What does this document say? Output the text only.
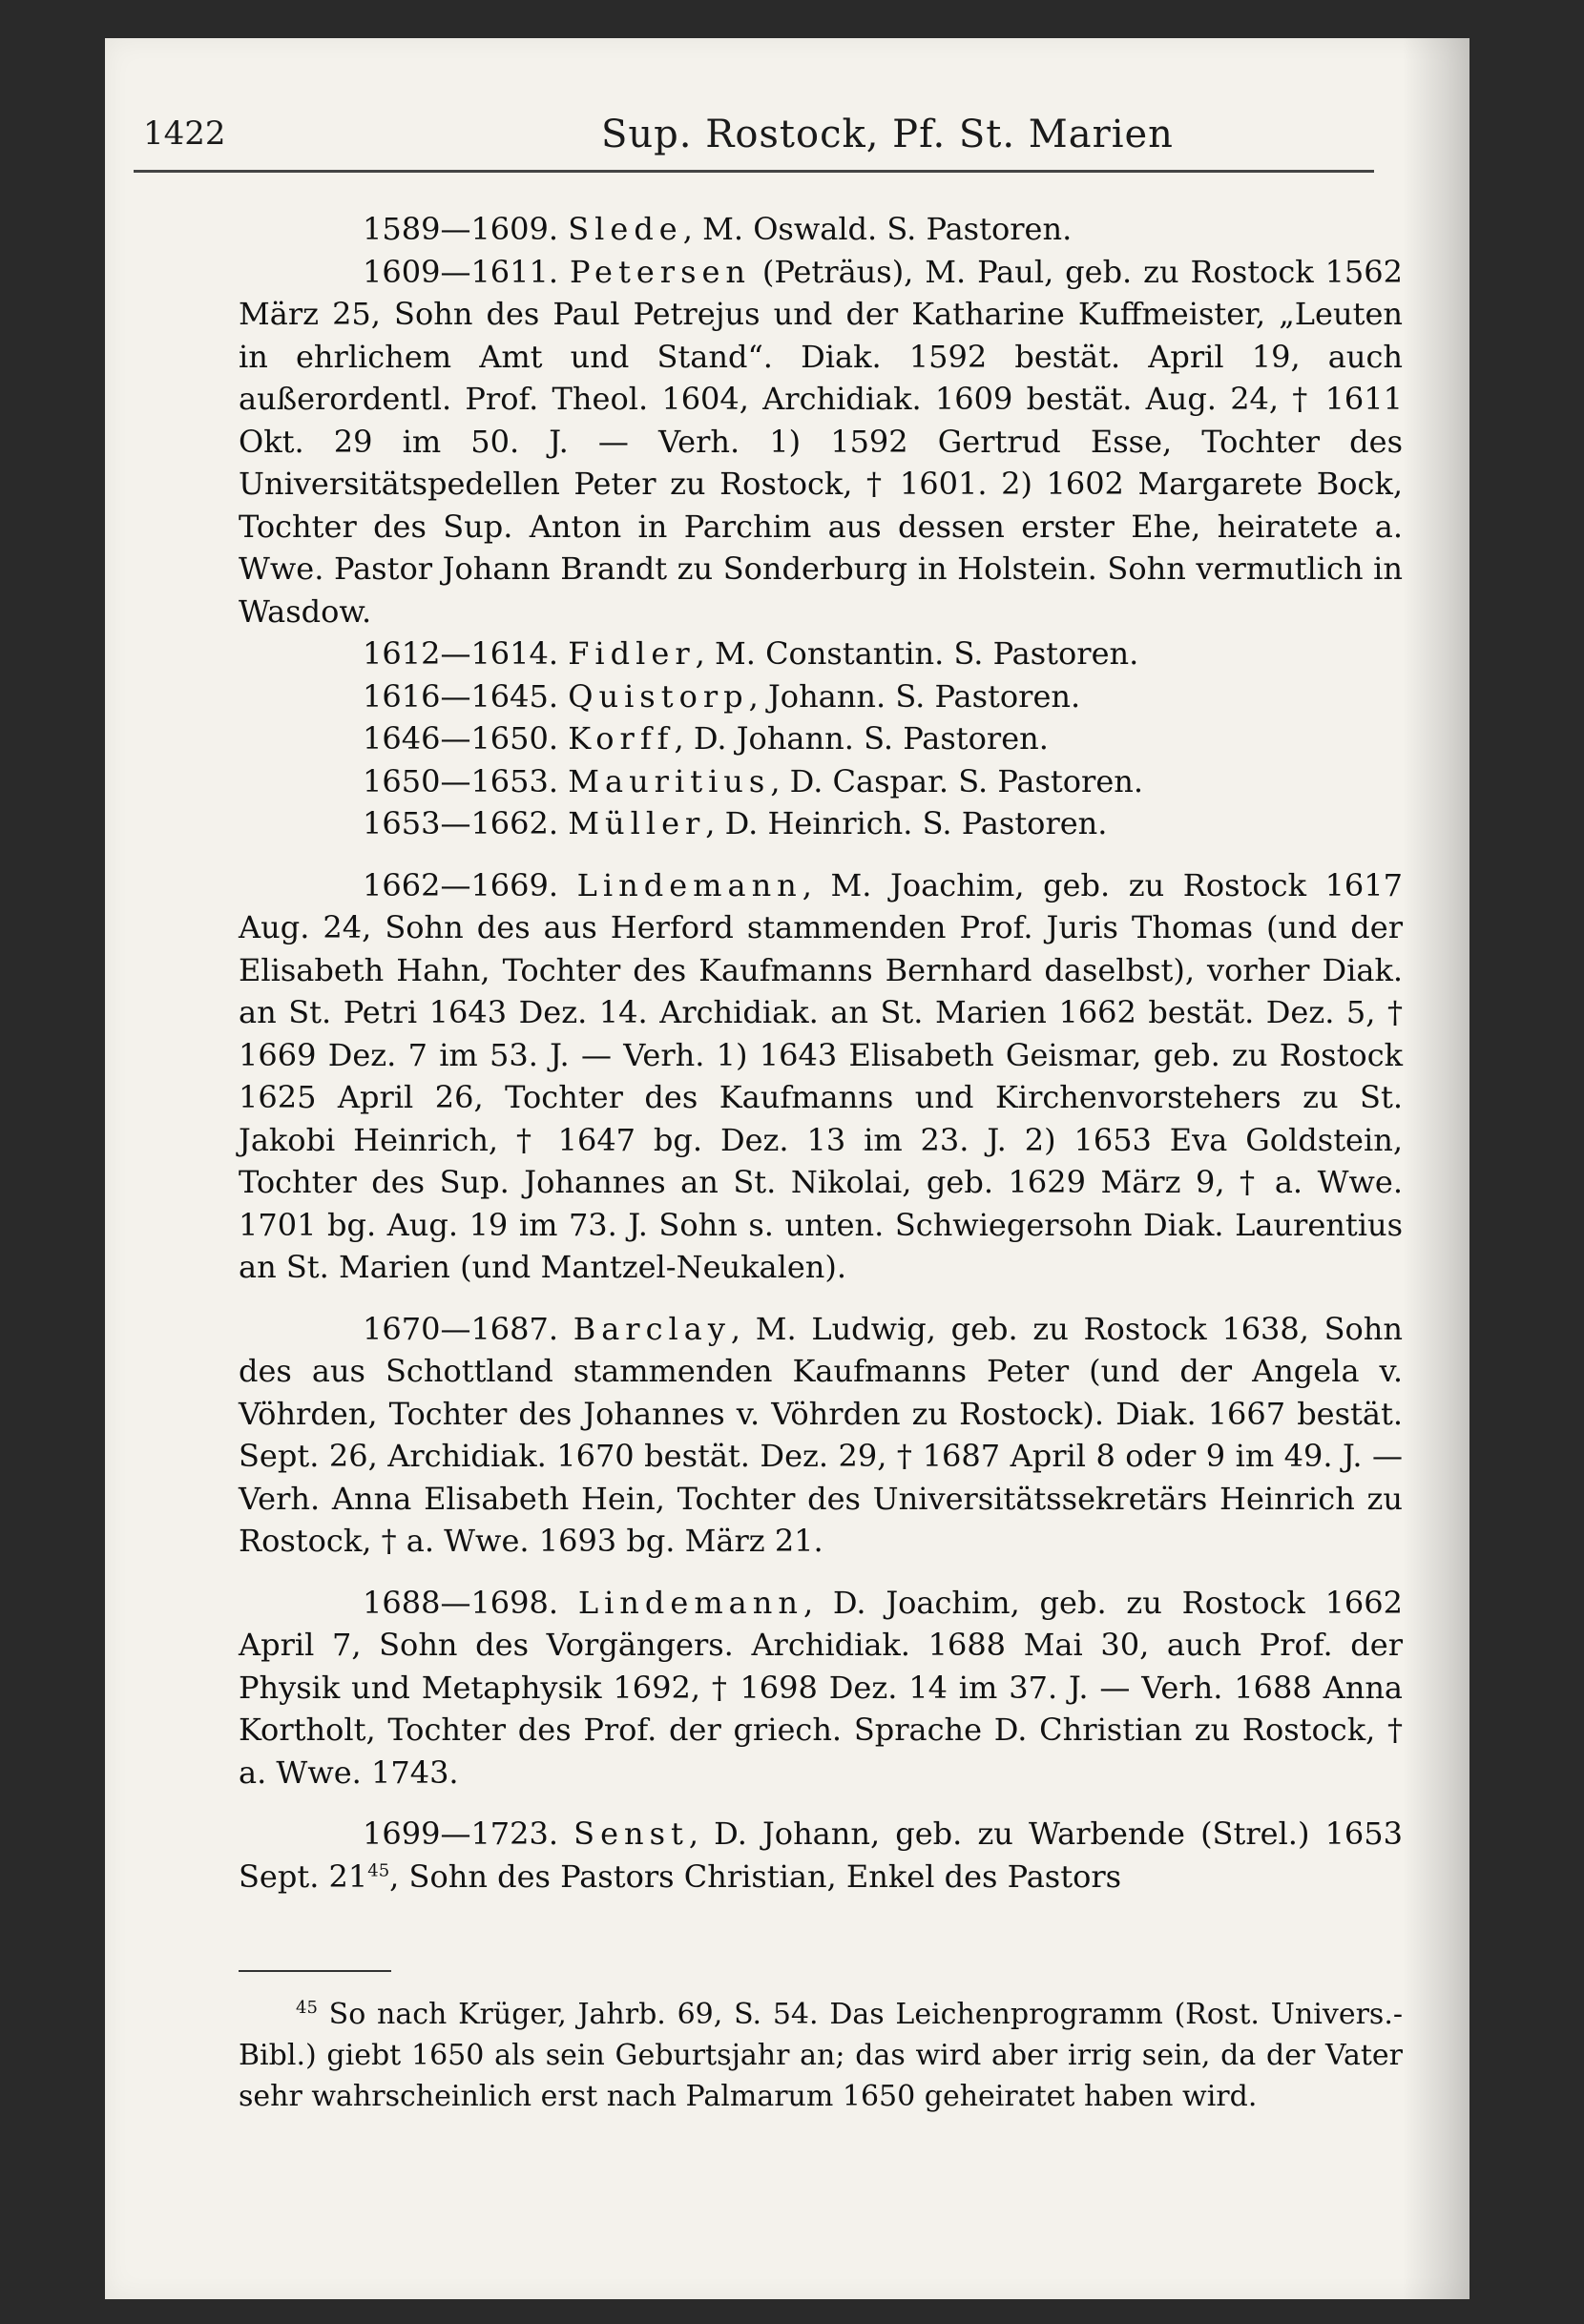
1422	Sup. Rostock, Pf. St. Marien

1589—1609. Slede, M. Oswald. S. Pastoren.

1609—1611. Petersen (Peträus), M. Paul, geb. zu Rostock 1562 März 25, Sohn des Paul Petrejus und der Katharine Kuffmeister, „Leuten in ehrlichem Amt und Stand“. Diak. 1592 bestät. April 19, auch außerordentl. Prof. Theol. 1604, Archidiak. 1609 bestät. Aug. 24, † 1611 Okt. 29 im 50. J. — Verh. 1) 1592 Gertrud Esse, Tochter des Universitätspedellen Peter zu Rostock, † 1601. 2) 1602 Margarete Bock, Tochter des Sup. Anton in Parchim aus dessen erster Ehe, heiratete a. Wwe. Pastor Johann Brandt zu Sonderburg in Holstein. Sohn vermutlich in Wasdow.

1612—1614. Fidler, M. Constantin. S. Pastoren.

1616—1645. Quistorp, Johann. S. Pastoren.

1646—1650. Korff, D. Johann. S. Pastoren.

1650—1653. Mauritius, D. Caspar. S. Pastoren.

1653—1662. Müller, D. Heinrich. S. Pastoren.

1662—1669. Lindemann, M. Joachim, geb. zu Rostock 1617 Aug. 24, Sohn des aus Herford stammenden Prof. Juris Thomas (und der Elisabeth Hahn, Tochter des Kaufmanns Bernhard daselbst), vorher Diak. an St. Petri 1643 Dez. 14. Archidiak. an St. Marien 1662 bestät. Dez. 5, † 1669 Dez. 7 im 53. J. — Verh. 1) 1643 Elisabeth Geismar, geb. zu Rostock 1625 April 26, Tochter des Kaufmanns und Kirchenvorstehers zu St. Jakobi Heinrich, † 1647 bg. Dez. 13 im 23. J. 2) 1653 Eva Goldstein, Tochter des Sup. Johannes an St. Nikolai, geb. 1629 März 9, † a. Wwe. 1701 bg. Aug. 19 im 73. J. Sohn s. unten. Schwiegersohn Diak. Laurentius an St. Marien (und Mantzel-Neukalen).

1670—1687. Barclay, M. Ludwig, geb. zu Rostock 1638, Sohn des aus Schottland stammenden Kaufmanns Peter (und der Angela v. Vöhrden, Tochter des Johannes v. Vöhrden zu Rostock). Diak. 1667 bestät. Sept. 26, Archidiak. 1670 bestät. Dez. 29, † 1687 April 8 oder 9 im 49. J. — Verh. Anna Elisabeth Hein, Tochter des Universitätssekretärs Heinrich zu Rostock, † a. Wwe. 1693 bg. März 21.

1688—1698. Lindemann, D. Joachim, geb. zu Rostock 1662 April 7, Sohn des Vorgängers. Archidiak. 1688 Mai 30, auch Prof. der Physik und Metaphysik 1692, † 1698 Dez. 14 im 37. J. — Verh. 1688 Anna Kortholt, Tochter des Prof. der griech. Sprache D. Christian zu Rostock, † a. Wwe. 1743.

1699—1723. Senst, D. Johann, geb. zu Warbende (Strel.) 1653 Sept. $21^{45}$, Sohn des Pastors Christian, Enkel des Pastors

$^{45}$ So nach Krüger, Jahrb. 69, S. 54. Das Leichenprogramm (Rost. Univers.-Bibl.) giebt 1650 als sein Geburtsjahr an; das wird aber irrig sein, da der Vater sehr wahrscheinlich erst nach Palmarum 1650 geheiratet haben wird.
